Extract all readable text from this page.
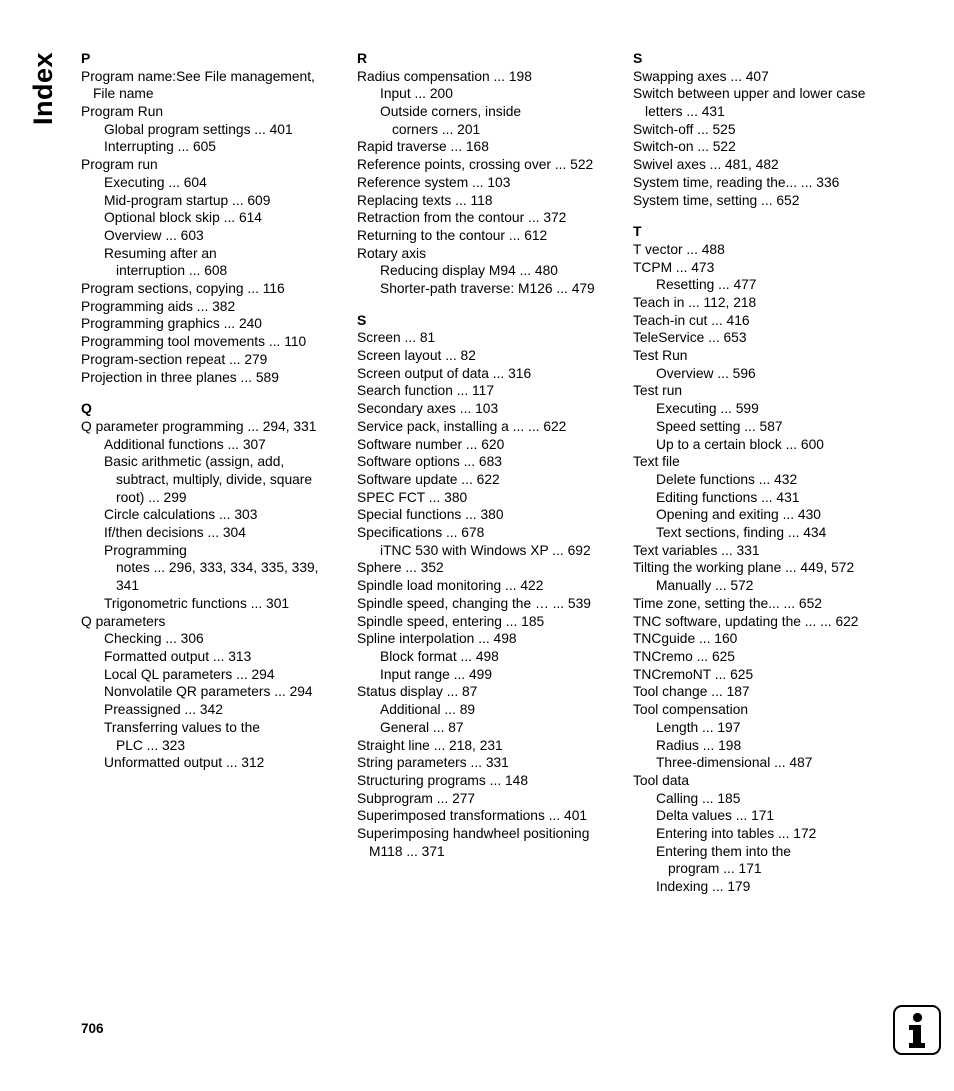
Index P
Program name:See File management,
File name
Program Run
Global program settings ... 401
Interrupting ... 605
Program run
Executing ... 604
Mid-program startup ... 609
Optional block skip ... 614
Overview ... 603
Resuming after an
interruption ... 608
Program sections, copying ... 116
Programming aids ... 382
Programming graphics ... 240
Programming tool movements ... 110
Program-section repeat ... 279
Projection in three planes ... 589
Q
Q parameter programming ... 294, 331
Additional functions ... 307
Basic arithmetic (assign, add,
subtract, multiply, divide, square
root) ... 299
Circle calculations ... 303
If/then decisions ... 304
Programming
notes ... 296, 333, 334, 335, 339,
341
Trigonometric functions ... 301
Q parameters
Checking ... 306
Formatted output ... 313
Local QL parameters ... 294
Nonvolatile QR parameters ... 294
Preassigned ... 342
Transferring values to the
PLC ... 323
Unformatted output ... 312
R
Radius compensation ... 198
Input ... 200
Outside corners, inside
corners ... 201
Rapid traverse ... 168
Reference points, crossing over ... 522
Reference system ... 103
Replacing texts ... 118
Retraction from the contour ... 372
Returning to the contour ... 612
Rotary axis
Reducing display M94 ... 480
Shorter-path traverse: M126 ... 479
S
Screen ... 81
Screen layout ... 82
Screen output of data ... 316
Search function ... 117
Secondary axes ... 103
Service pack, installing a ... ... 622
Software number ... 620
Software options ... 683
Software update ... 622
SPEC FCT ... 380
Special functions ... 380
Specifications ... 678
iTNC 530 with Windows XP ... 692
Sphere ... 352
Spindle load monitoring ... 422
Spindle speed, changing the … ... 539
Spindle speed, entering ... 185
Spline interpolation ... 498
Block format ... 498
Input range ... 499
Status display ... 87
Additional ... 89
General ... 87
Straight line ... 218, 231
String parameters ... 331
Structuring programs ... 148
Subprogram ... 277
Superimposed transformations ... 401
Superimposing handwheel positioning
M118 ... 371
S
Swapping axes ... 407
Switch between upper and lower case
letters ... 431
Switch-off ... 525
Switch-on ... 522
Swivel axes ... 481, 482
System time, reading the... ... 336
System time, setting ... 652
T
T vector ... 488
TCPM ... 473
Resetting ... 477
Teach in ... 112, 218
Teach-in cut ... 416
TeleService ... 653
Test Run
Overview ... 596
Test run
Executing ... 599
Speed setting ... 587
Up to a certain block ... 600
Text file
Delete functions ... 432
Editing functions ... 431
Opening and exiting ... 430
Text sections, finding ... 434
Text variables ... 331
Tilting the working plane ... 449, 572
Manually ... 572
Time zone, setting the... ... 652
TNC software, updating the ... ... 622
TNCguide ... 160
TNCremo ... 625
TNCremoNT ... 625
Tool change ... 187
Tool compensation
Length ... 197
Radius ... 198
Three-dimensional ... 487
Tool data
Calling ... 185
Delta values ... 171
Entering into tables ... 172
Entering them into the
program ... 171
Indexing ... 179
706
